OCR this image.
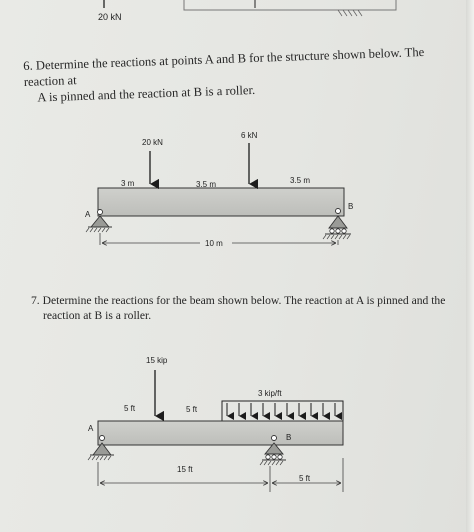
20 kN
A
B
20 kN
6 kN
3 m	3.5 m	3.5 m
10 m
3 kip/ft
15 kip
5 ft	5 ft
A
B
15 ft
5 ft
6. Determine the reactions at points A and B for the structure shown below. The reaction at
A is pinned and the reaction at B is a roller.
7. Determine the reactions for the beam shown below. The reaction at A is pinned and the
reaction at B is a roller.
